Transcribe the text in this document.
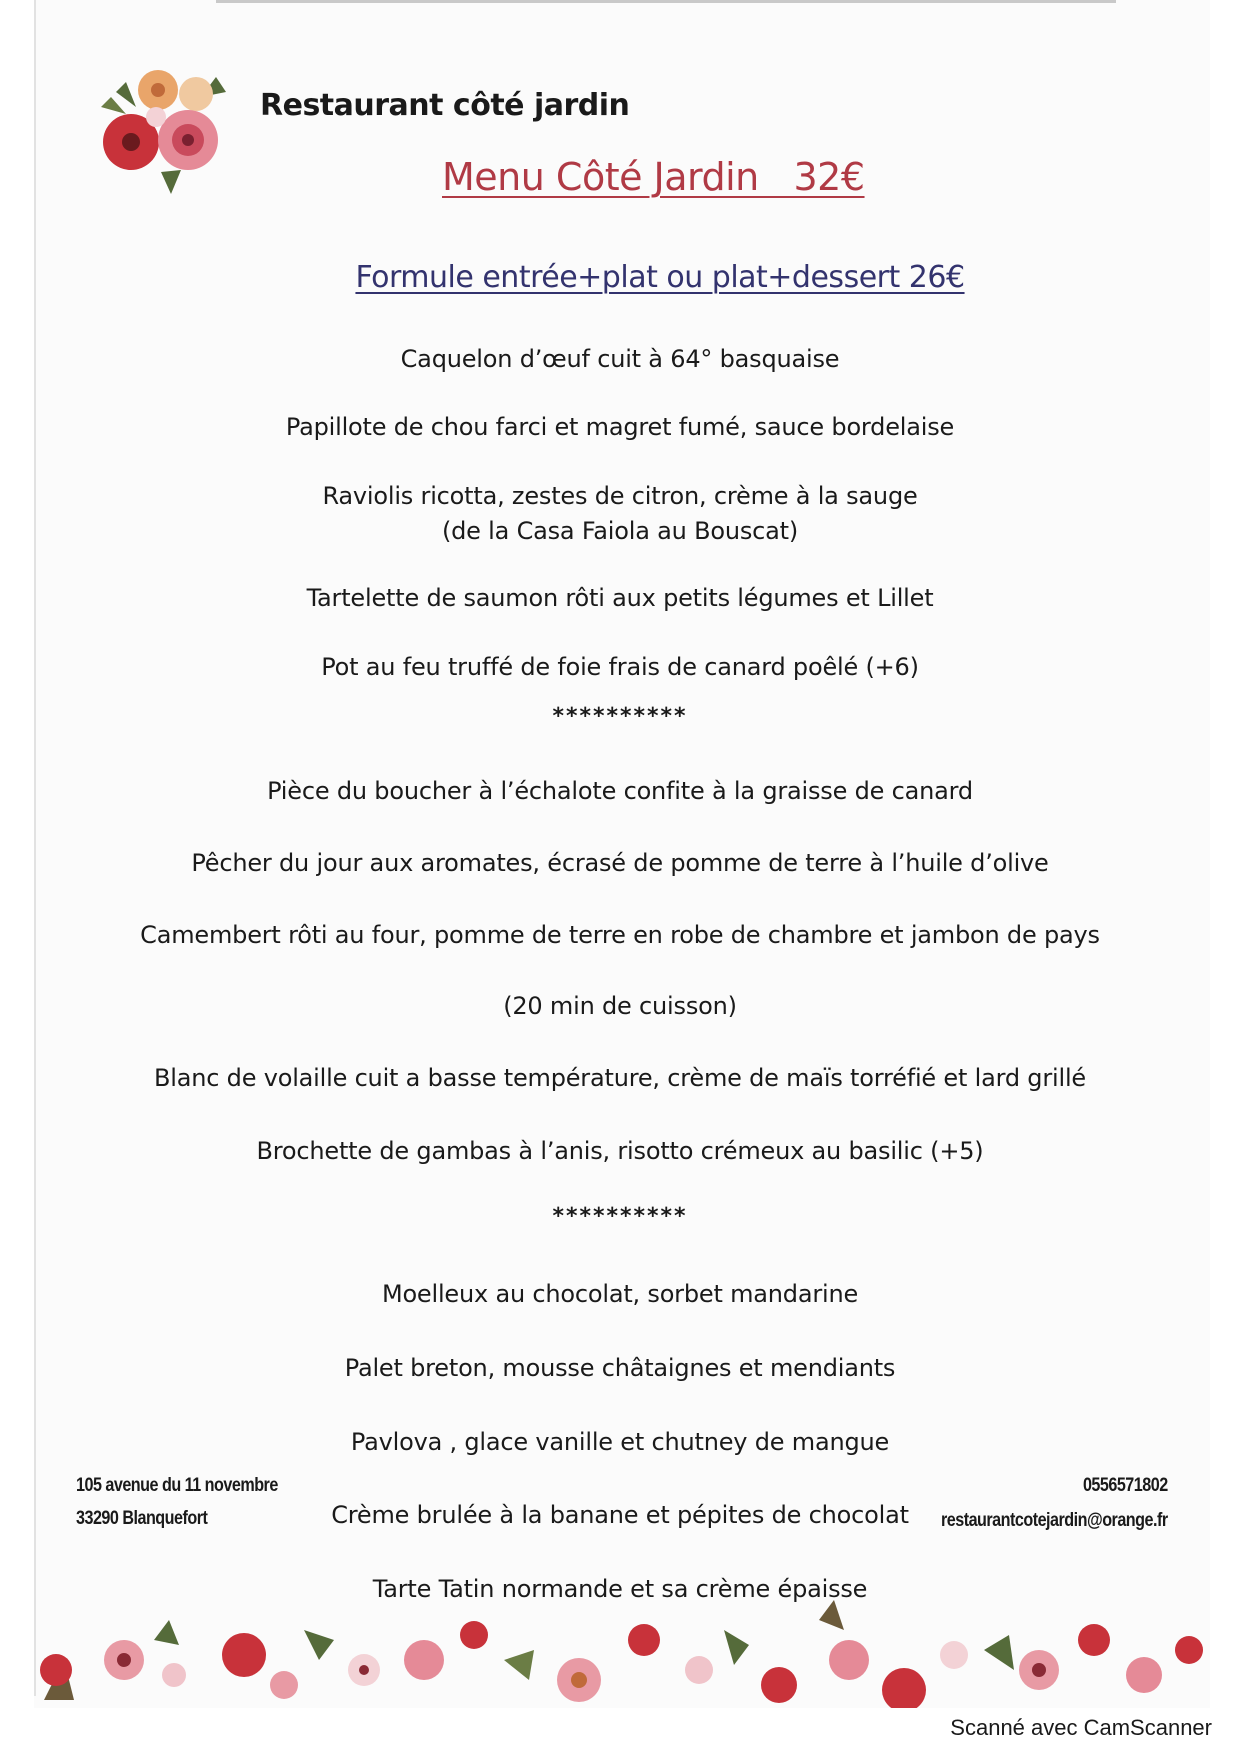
Restaurant côté jardin
Menu Côté Jardin   32€
Formule entrée+plat ou plat+dessert 26€
Caquelon d’œuf cuit à 64° basquaise
Papillote de chou farci et magret fumé, sauce bordelaise
Raviolis ricotta, zestes de citron, crème à la sauge
(de la Casa Faiola au Bouscat)
Tartelette de saumon rôti aux petits légumes et Lillet
Pot au feu truffé de foie frais de canard poêlé (+6)
**********
Pièce du boucher à l’échalote confite à la graisse de canard
Pêcher du jour aux aromates, écrasé de pomme de terre à l’huile d’olive
Camembert rôti au four, pomme de terre en robe de chambre et jambon de pays
(20 min de cuisson)
Blanc de volaille cuit a basse température, crème de maïs torréfié et lard grillé
Brochette de gambas à l’anis, risotto crémeux au basilic (+5)
**********
Moelleux au chocolat, sorbet mandarine
Palet breton, mousse châtaignes et mendiants
Pavlova , glace vanille et chutney de mangue
Crème brulée à la banane et pépites de chocolat
Tarte Tatin normande et sa crème épaisse
105 avenue du 11 novembre
33290 Blanquefort
0556571802
restaurantcotejardin@orange.fr
Scanné avec CamScanner
